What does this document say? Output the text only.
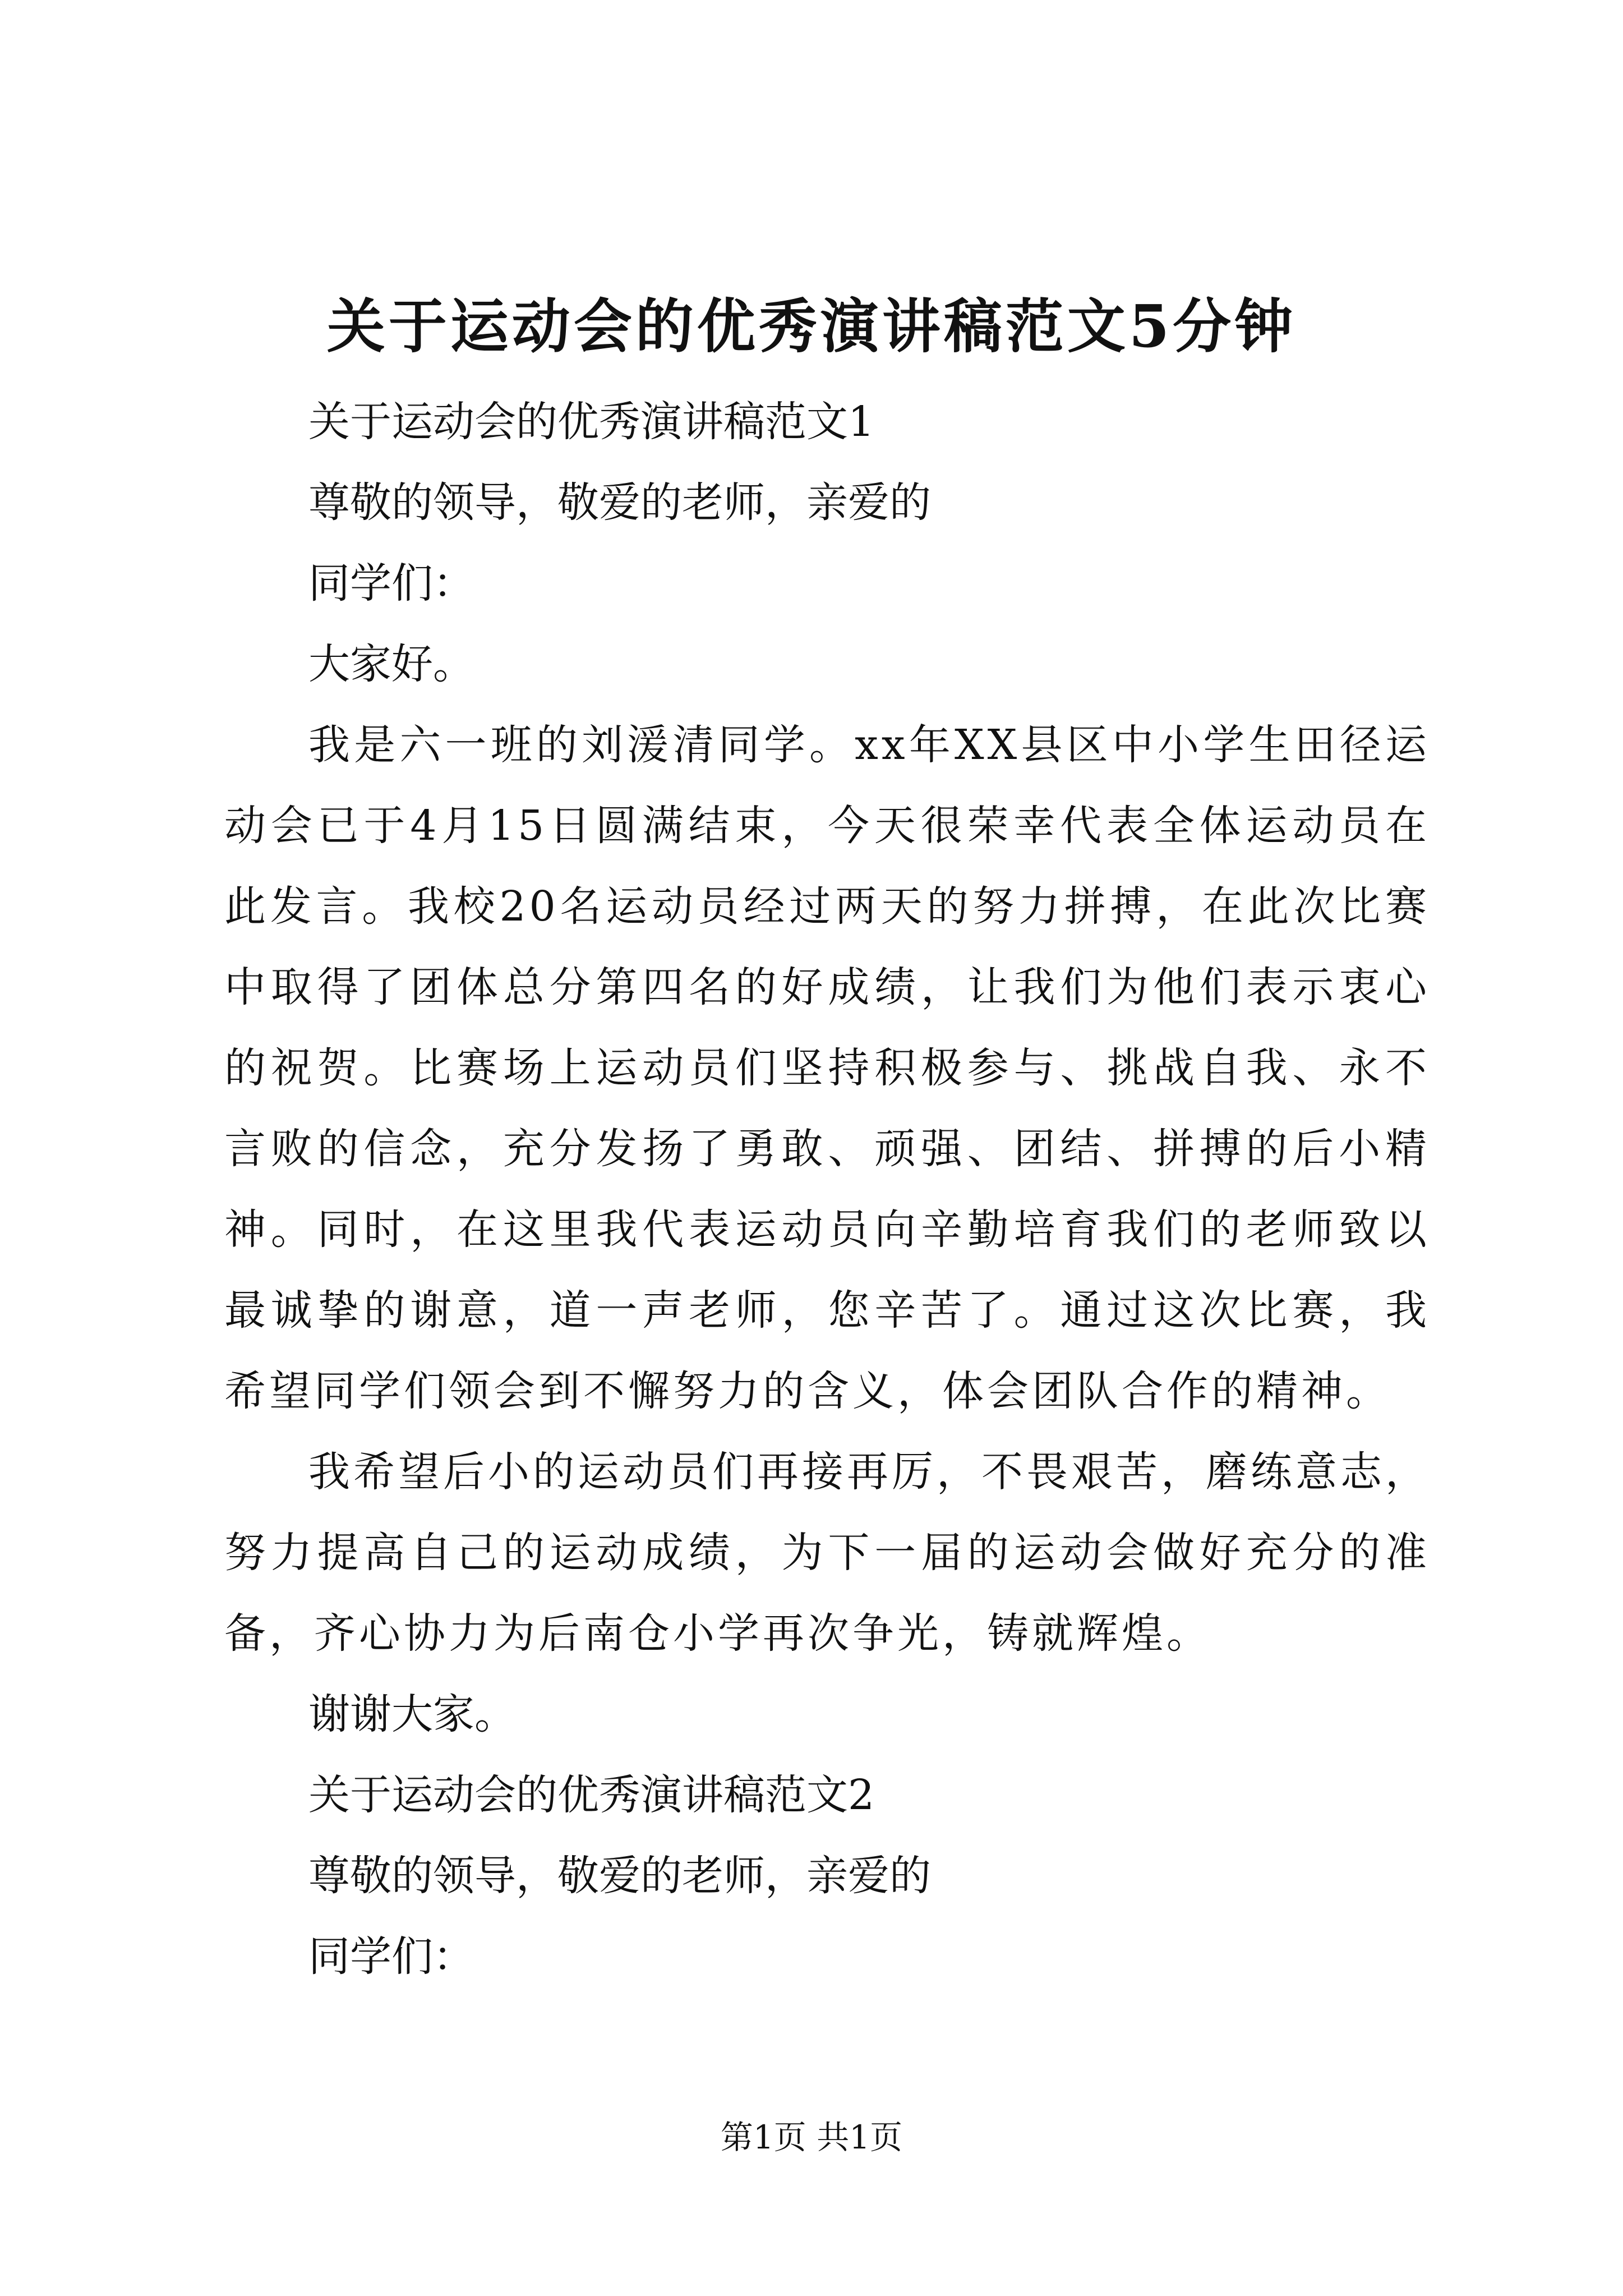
关于运动会的优秀演讲稿范文5分钟
关于运动会的优秀演讲稿范文1
尊敬的领导，敬爱的老师，亲爱的
同学们：
大家好。
我是六一班的刘湲清同学。xx年XX县区中小学生田径运动会已于4月15日圆满结束，今天很荣幸代表全体运动员在此发言。我校20名运动员经过两天的努力拼搏，在此次比赛中取得了团体总分第四名的好成绩，让我们为他们表示衷心的祝贺。比赛场上运动员们坚持积极参与、挑战自我、永不言败的信念，充分发扬了勇敢、顽强、团结、拼搏的后小精神。同时，在这里我代表运动员向辛勤培育我们的老师致以最诚挚的谢意，道一声老师，您辛苦了。通过这次比赛，我希望同学们领会到不懈努力的含义，体会团队合作的精神。
我希望后小的运动员们再接再厉，不畏艰苦，磨练意志，努力提高自己的运动成绩，为下一届的运动会做好充分的准备，齐心协力为后南仓小学再次争光，铸就辉煌。
谢谢大家。
关于运动会的优秀演讲稿范文2
尊敬的领导，敬爱的老师，亲爱的
同学们：
第1页 共1页
